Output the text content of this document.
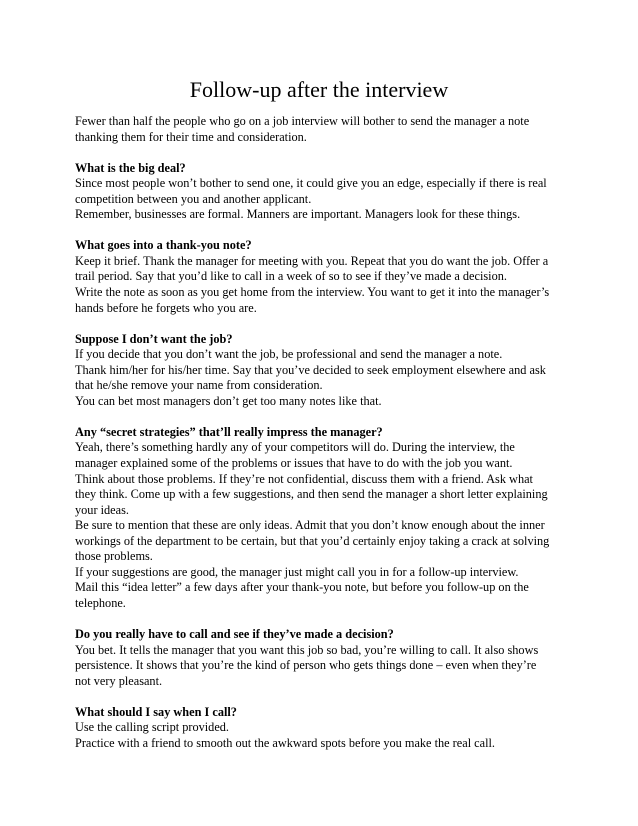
Follow-up after the interview

Fewer than half the people who go on a job interview will bother to send the manager a note

thanking them for their time and consideration.

What is the big deal?

Since most people won’t bother to send one, it could give you an edge, especially if there is real

competition between you and another applicant.

Remember, businesses are formal. Manners are important. Managers look for these things.

What goes into a thank-you note?

Keep it brief. Thank the manager for meeting with you. Repeat that you do want the job. Offer a

trail period. Say that you’d like to call in a week of so to see if they’ve made a decision.

Write the note as soon as you get home from the interview. You want to get it into the manager’s

hands before he forgets who you are.

Suppose I don’t want the job?

If you decide that you don’t want the job, be professional and send the manager a note.

Thank him/her for his/her time. Say that you’ve decided to seek employment elsewhere and ask

that he/she remove your name from consideration.

You can bet most managers don’t get too many notes like that.

Any “secret strategies” that’ll really impress the manager?

Yeah, there’s something hardly any of your competitors will do. During the interview, the

manager explained some of the problems or issues that have to do with the job you want.

Think about those problems. If they’re not confidential, discuss them with a friend. Ask what

they think. Come up with a few suggestions, and then send the manager a short letter explaining

your ideas.

Be sure to mention that these are only ideas. Admit that you don’t know enough about the inner

workings of the department to be certain, but that you’d certainly enjoy taking a crack at solving

those problems.

If your suggestions are good, the manager just might call you in for a follow-up interview.

Mail this “idea letter” a few days after your thank-you note, but before you follow-up on the

telephone.

Do you really have to call and see if they’ve made a decision?

You bet. It tells the manager that you want this job so bad, you’re willing to call. It also shows

persistence. It shows that you’re the kind of person who gets things done – even when they’re

not very pleasant.

What should I say when I call?

Use the calling script provided.

Practice with a friend to smooth out the awkward spots before you make the real call.
